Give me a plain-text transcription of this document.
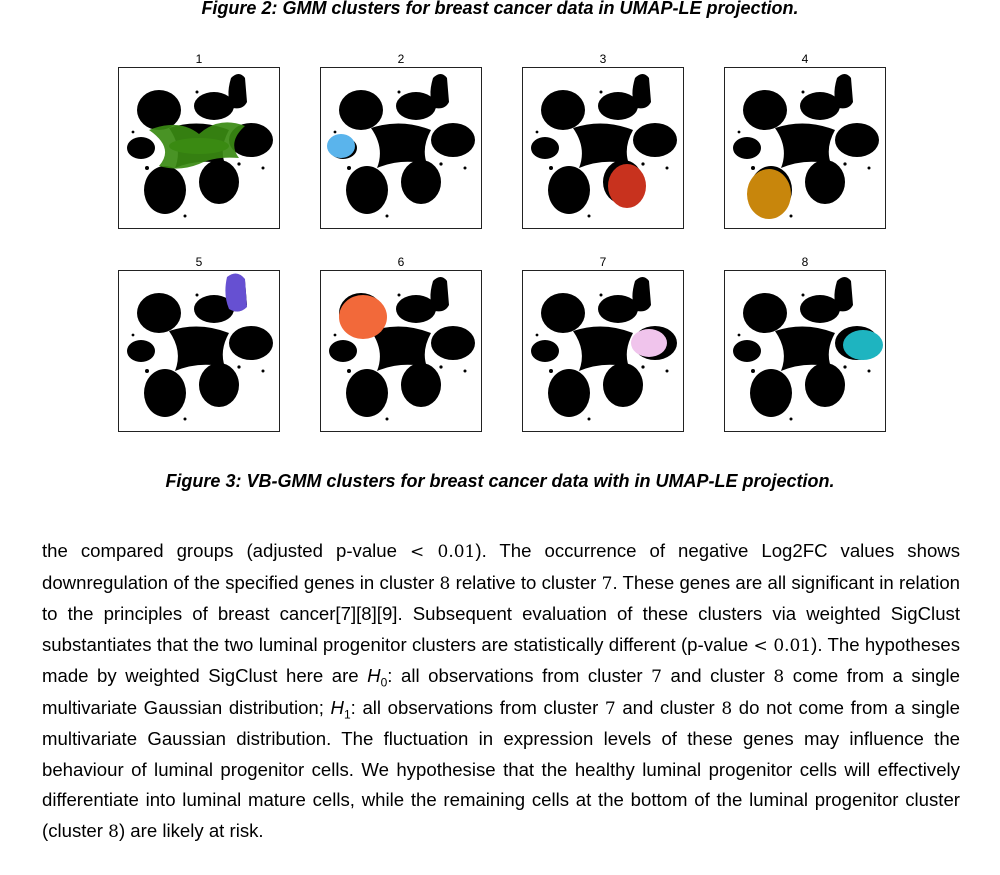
Figure 2: GMM clusters for breast cancer data in UMAP-LE projection.
1	2	3	4
5	6	7	8
Figure 3: VB-GMM clusters for breast cancer data with in UMAP-LE projection.

the compared groups (adjusted p-value < 0.01). The occurrence of negative Log2FC values shows downregulation of the specified genes in cluster 8 relative to cluster 7. These genes are all significant in relation to the principles of breast cancer[7][8][9]. Subsequent evaluation of these clusters via weighted SigClust substantiates that the two luminal progenitor clusters are statistically different (p-value < 0.01). The hypotheses made by weighted SigClust here are $H_0$: all observations from cluster 7 and cluster 8 come from a single multivariate Gaussian distribution; $H_1$: all observations from cluster 7 and cluster 8 do not come from a single multivariate Gaussian distribution. The fluctuation in expression levels of these genes may influence the behaviour of luminal progenitor cells. We hypothesise that the healthy luminal progenitor cells will effectively differentiate into luminal mature cells, while the remaining cells at the bottom of the luminal progenitor cluster (cluster 8) are likely at risk.
